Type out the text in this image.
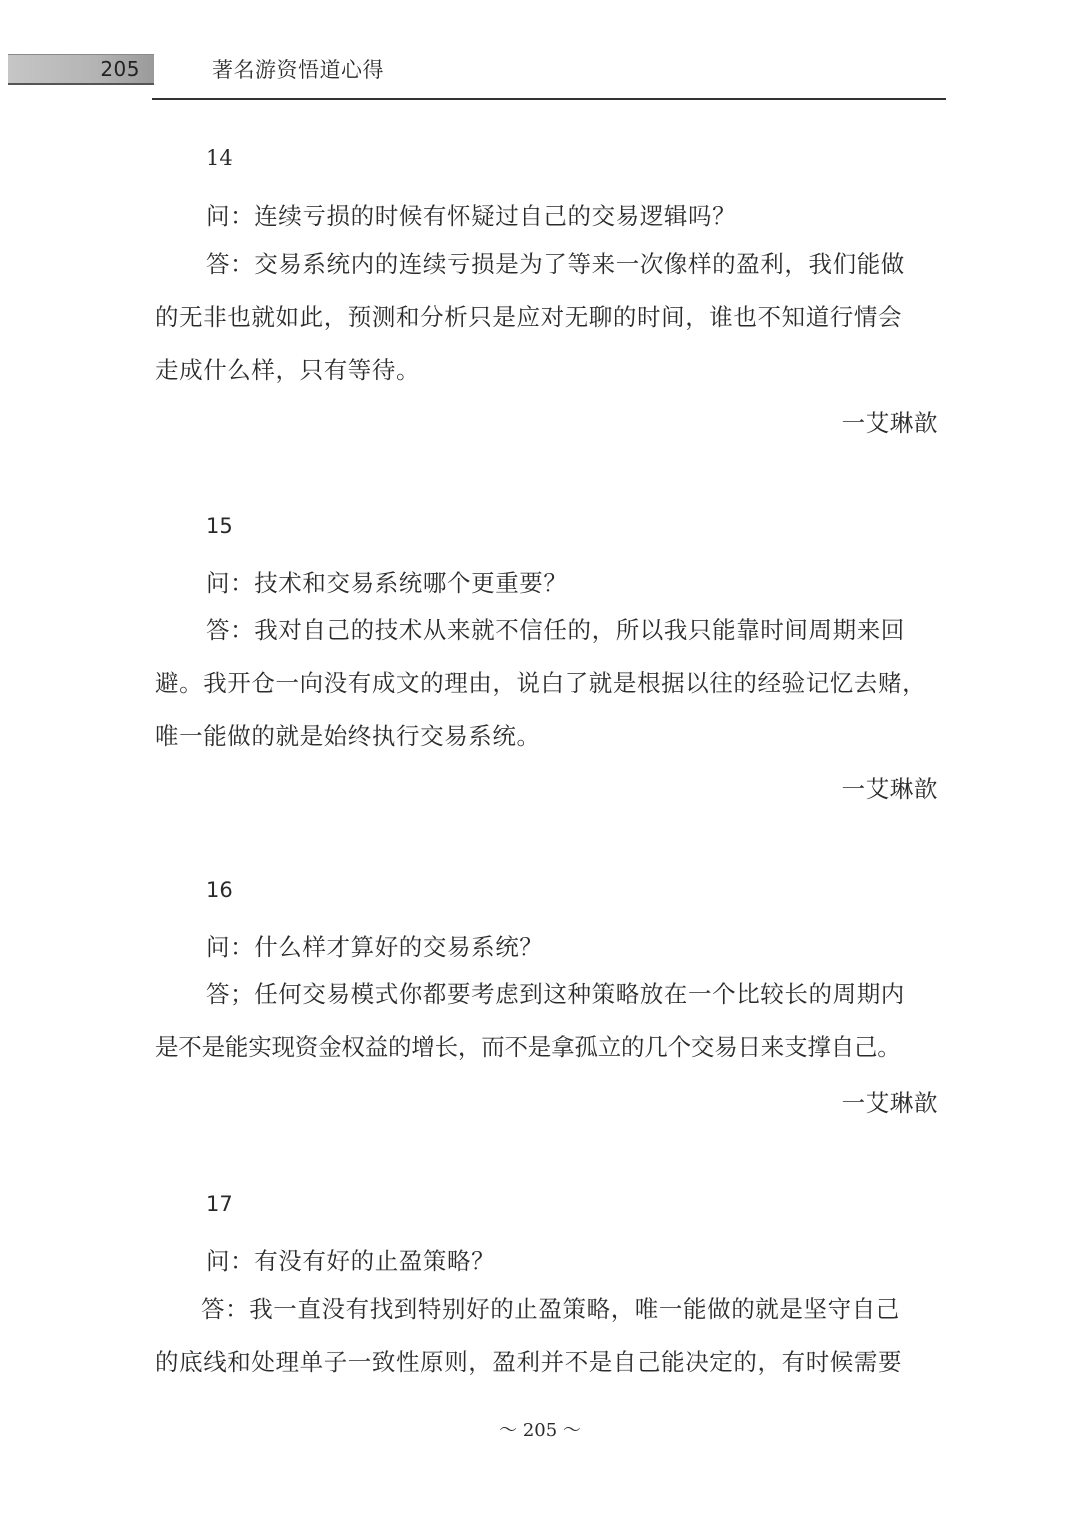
205	著名游资悟道心得
14
问：连续亏损的时候有怀疑过自己的交易逻辑吗？
答：交易系统内的连续亏损是为了等来一次像样的盈利，我们能做
的无非也就如此，预测和分析只是应对无聊的时间，谁也不知道行情会
走成什么样，只有等待。
一艾琳歆
15
问：技术和交易系统哪个更重要？
答：我对自己的技术从来就不信任的，所以我只能靠时间周期来回
避。我开仓一向没有成文的理由，说白了就是根据以往的经验记忆去赌，
唯一能做的就是始终执行交易系统。
一艾琳歆
16
问：什么样才算好的交易系统？
答；任何交易模式你都要考虑到这种策略放在一个比较长的周期内
是不是能实现资金权益的增长，而不是拿孤立的几个交易日来支撑自己。
一艾琳歆
17
问：有没有好的止盈策略？
答：我一直没有找到特别好的止盈策略，唯一能做的就是坚守自己
的底线和处理单子一致性原则，盈利并不是自己能决定的，有时候需要
～ 205 ～
